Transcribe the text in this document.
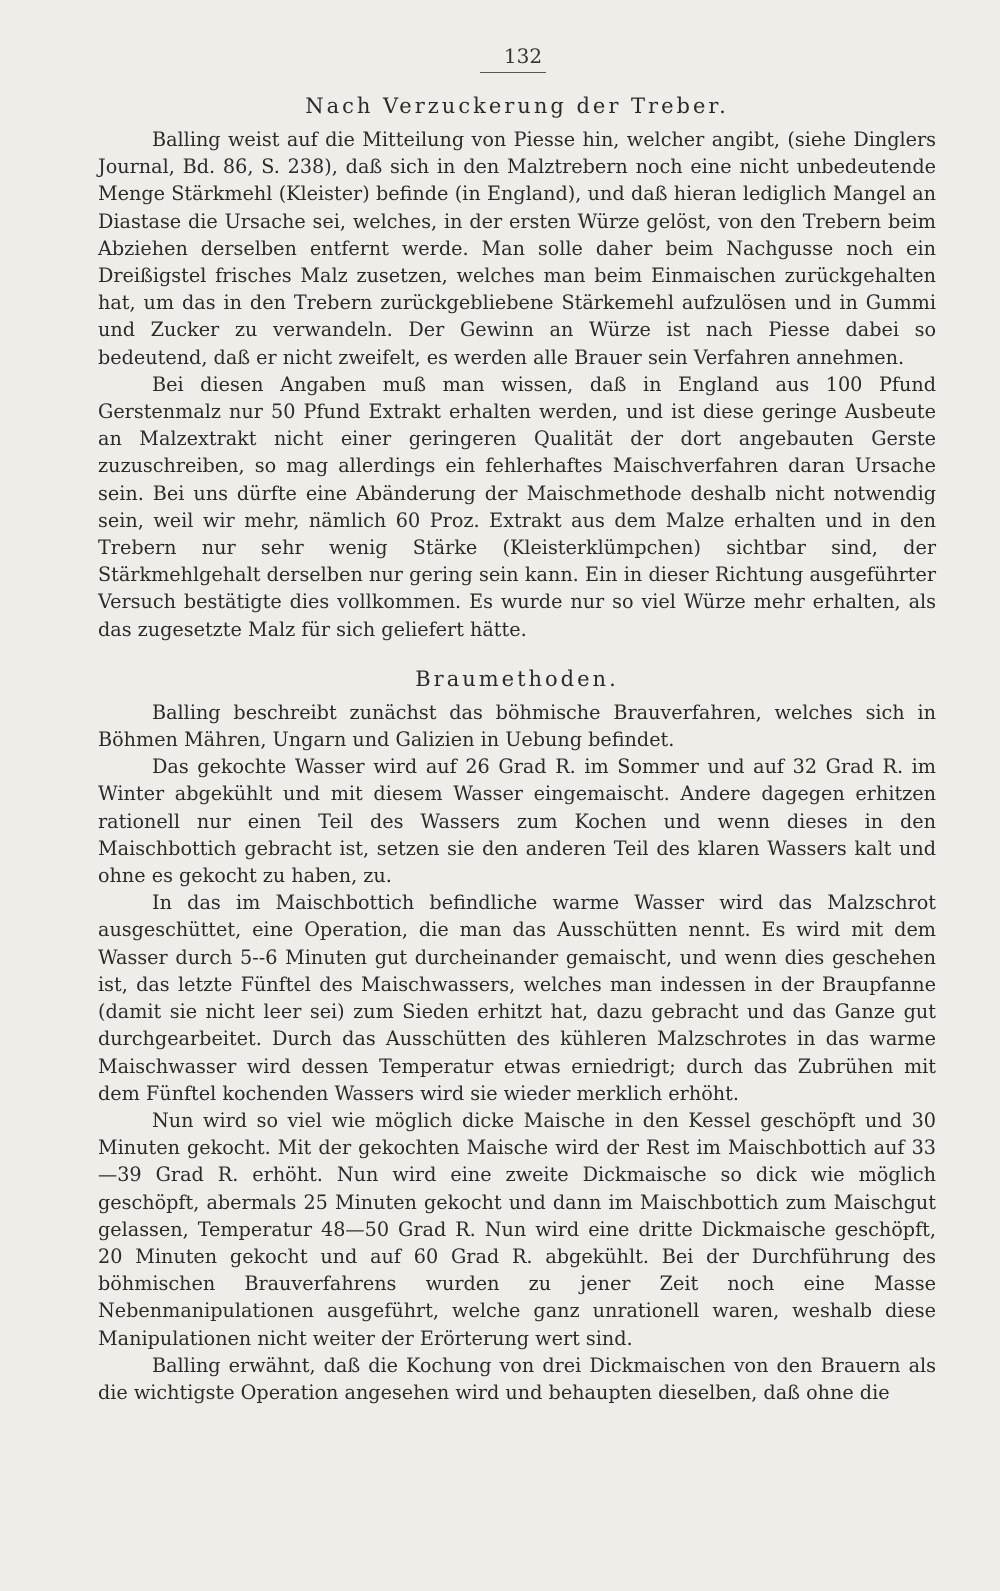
132
Nach Verzuckerung der Treber.

Balling weist auf die Mitteilung von Piesse hin, welcher angibt, (siehe Dinglers Journal, Bd. 86, S. 238), daß sich in den Malztrebern noch eine nicht unbedeutende Menge Stärkmehl (Kleister) befinde (in England), und daß hieran lediglich Mangel an Diastase die Ursache sei, welches, in der ersten Würze gelöst, von den Trebern beim Abziehen derselben entfernt werde. Man solle daher beim Nachgusse noch ein Dreißigstel frisches Malz zusetzen, welches man beim Einmaischen zurückgehalten hat, um das in den Trebern zurückgebliebene Stärkemehl aufzulösen und in Gummi und Zucker zu verwandeln. Der Gewinn an Würze ist nach Piesse dabei so bedeutend, daß er nicht zweifelt, es werden alle Brauer sein Verfahren annehmen.

Bei diesen Angaben muß man wissen, daß in England aus 100 Pfund Gerstenmalz nur 50 Pfund Extrakt erhalten werden, und ist diese geringe Ausbeute an Malzextrakt nicht einer geringeren Qualität der dort angebauten Gerste zuzuschreiben, so mag allerdings ein fehlerhaftes Maischverfahren daran Ursache sein. Bei uns dürfte eine Abänderung der Maischmethode deshalb nicht notwendig sein, weil wir mehr, nämlich 60 Proz. Extrakt aus dem Malze erhalten und in den Trebern nur sehr wenig Stärke (Kleisterklümpchen) sichtbar sind, der Stärkmehlgehalt derselben nur gering sein kann. Ein in dieser Richtung ausgeführter Versuch bestätigte dies vollkommen. Es wurde nur so viel Würze mehr erhalten, als das zugesetzte Malz für sich geliefert hätte.

Braumethoden.

Balling beschreibt zunächst das böhmische Brauverfahren, welches sich in Böhmen Mähren, Ungarn und Galizien in Uebung befindet.

Das gekochte Wasser wird auf 26 Grad R. im Sommer und auf 32 Grad R. im Winter abgekühlt und mit diesem Wasser eingemaischt. Andere dagegen erhitzen rationell nur einen Teil des Wassers zum Kochen und wenn dieses in den Maischbottich gebracht ist, setzen sie den anderen Teil des klaren Wassers kalt und ohne es gekocht zu haben, zu.

In das im Maischbottich befindliche warme Wasser wird das Malzschrot ausgeschüttet, eine Operation, die man das Ausschütten nennt. Es wird mit dem Wasser durch 5--6 Minuten gut durcheinander gemaischt, und wenn dies geschehen ist, das letzte Fünftel des Maischwassers, welches man indessen in der Braupfanne (damit sie nicht leer sei) zum Sieden erhitzt hat, dazu gebracht und das Ganze gut durchgearbeitet. Durch das Ausschütten des kühleren Malzschrotes in das warme Maischwasser wird dessen Temperatur etwas erniedrigt; durch das Zubrühen mit dem Fünftel kochenden Wassers wird sie wieder merklich erhöht.

Nun wird so viel wie möglich dicke Maische in den Kessel geschöpft und 30 Minuten gekocht. Mit der gekochten Maische wird der Rest im Maischbottich auf 33—39 Grad R. erhöht. Nun wird eine zweite Dickmaische so dick wie möglich geschöpft, abermals 25 Minuten gekocht und dann im Maischbottich zum Maischgut gelassen, Temperatur 48—50 Grad R. Nun wird eine dritte Dickmaische geschöpft, 20 Minuten gekocht und auf 60 Grad R. abgekühlt. Bei der Durchführung des böhmischen Brauverfahrens wurden zu jener Zeit noch eine Masse Nebenmanipulationen ausgeführt, welche ganz unrationell waren, weshalb diese Manipulationen nicht weiter der Erörterung wert sind.

Balling erwähnt, daß die Kochung von drei Dickmaischen von den Brauern als die wichtigste Operation angesehen wird und behaupten dieselben, daß ohne die
